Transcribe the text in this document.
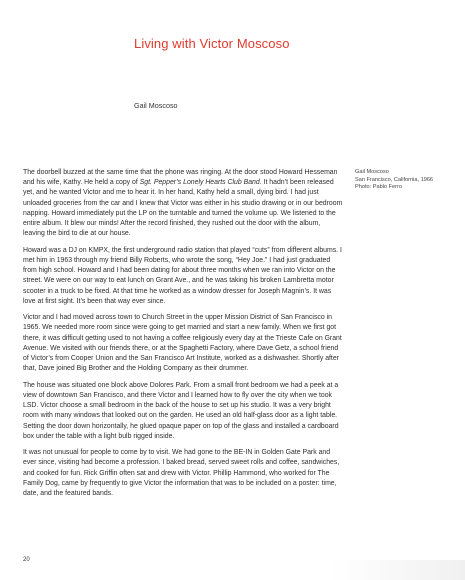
Living with Victor Moscoso
Gail Moscoso

The doorbell buzzed at the same time that the phone was ringing. At the door stood Howard Hesseman and his wife, Kathy. He held a copy of Sgt. Pepper’s Lonely Hearts Club Band. It hadn’t been released yet, and he wanted Victor and me to hear it. In her hand, Kathy held a small, dying bird. I had just unloaded groceries from the car and I knew that Victor was either in his studio drawing or in our bedroom napping. Howard immediately put the LP on the turntable and turned the volume up. We listened to the entire album. It blew our minds! After the record finished, they rushed out the door with the album, leaving the bird to die at our house.

Howard was a DJ on KMPX, the first underground radio station that played “cuts” from different albums. I met him in 1963 through my friend Billy Roberts, who wrote the song, “Hey Joe.” I had just graduated from high school. Howard and I had been dating for about three months when we ran into Victor on the street. We were on our way to eat lunch on Grant Ave., and he was taking his broken Lambretta motor scooter in a truck to be fixed. At that time he worked as a window dresser for Joseph Magnin’s. It was love at first sight. It’s been that way ever since.

Victor and I had moved across town to Church Street in the upper Mission District of San Francisco in 1965. We needed more room since were going to get married and start a new family. When we first got there, it was difficult getting used to not having a coffee religiously every day at the Trieste Cafe on Grant Avenue. We visited with our friends there, or at the Spaghetti Factory, where Dave Getz, a school friend of Victor’s from Cooper Union and the San Francisco Art Institute, worked as a dishwasher. Shortly after that, Dave joined Big Brother and the Holding Company as their drummer.

The house was situated one block above Dolores Park. From a small front bedroom we had a peek at a view of downtown San Francisco, and there Victor and I learned how to fly over the city when we took LSD. Victor choose a small bedroom in the back of the house to set up his studio. It was a very bright room with many windows that looked out on the garden. He used an old half-glass door as a light table. Setting the door down horizontally, he glued opaque paper on top of the glass and installed a cardboard box under the table with a light bulb rigged inside.

It was not unusual for people to come by to visit. We had gone to the BE-IN in Golden Gate Park and ever since, visiting had become a profession. I baked bread, served sweet rolls and coffee, sandwiches, and cooked for fun. Rick Griffin often sat and drew with Victor. Phillip Hammond, who worked for The Family Dog, came by frequently to give Victor the information that was to be included on a poster: time, date, and the featured bands.

Gail Moscoso
San Francisco, California, 1966
Photo: Pablo Ferro
20
